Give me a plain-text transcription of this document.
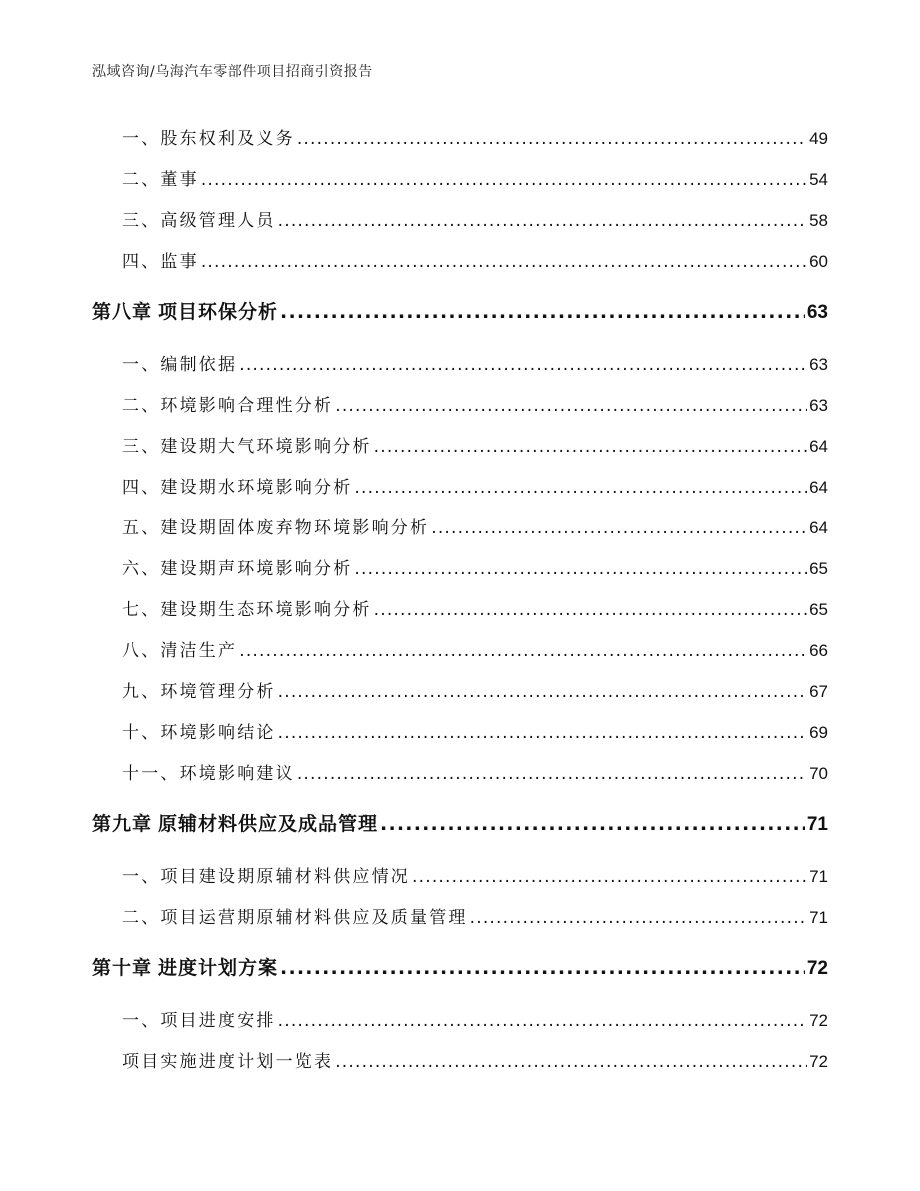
泓域咨询/乌海汽车零部件项目招商引资报告
一、 股东权利及义务 .....	49
二、 董事 .....	54
三、 高级管理人员 .....	58
四、 监事 .....	60
第八章 项目环保分析 .....	63
一、 编制依据 .....	63
二、 环境影响合理性分析 .....	63
三、 建设期大气环境影响分析 .....	64
四、 建设期水环境影响分析 .....	64
五、 建设期固体废弃物环境影响分析 .....	64
六、 建设期声环境影响分析 .....	65
七、 建设期生态环境影响分析 .....	65
八、 清洁生产 .....	66
九、 环境管理分析 .....	67
十、 环境影响结论 .....	69
十一、 环境影响建议 .....	70
第九章 原辅材料供应及成品管理 .....	71
一、 项目建设期原辅材料供应情况 .....	71
二、 项目运营期原辅材料供应及质量管理 .....	71
第十章 进度计划方案 .....	72
一、 项目进度安排 .....	72
项目实施进度计划一览表 .....	72
